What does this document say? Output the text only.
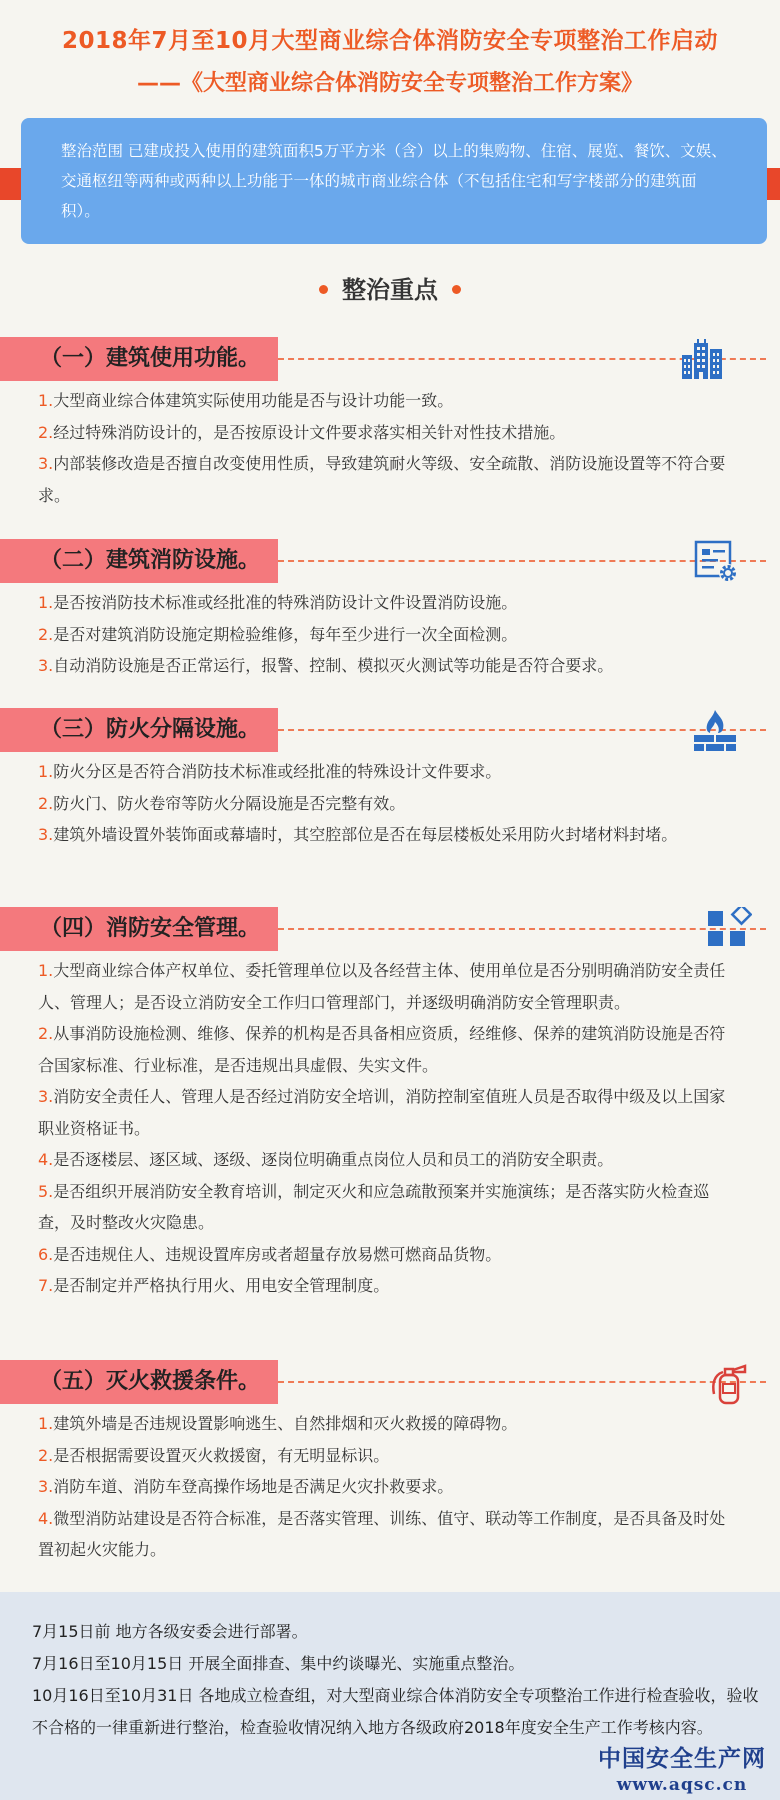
2018年7月至10月大型商业综合体消防安全专项整治工作启动
——《大型商业综合体消防安全专项整治工作方案》
整治范围 已建成投入使用的建筑面积5万平方米（含）以上的集购物、住宿、展览、餐饮、文娱、交通枢纽等两种或两种以上功能于一体的城市商业综合体（不包括住宅和写字楼部分的建筑面积）。
整治重点
（一）建筑使用功能。
1.大型商业综合体建筑实际使用功能是否与设计功能一致。
2.经过特殊消防设计的，是否按原设计文件要求落实相关针对性技术措施。
3.内部装修改造是否擅自改变使用性质，导致建筑耐火等级、安全疏散、消防设施设置等不符合要求。
（二）建筑消防设施。
1.是否按消防技术标准或经批准的特殊消防设计文件设置消防设施。
2.是否对建筑消防设施定期检验维修，每年至少进行一次全面检测。
3.自动消防设施是否正常运行，报警、控制、模拟灭火测试等功能是否符合要求。
（三）防火分隔设施。
1.防火分区是否符合消防技术标准或经批准的特殊设计文件要求。
2.防火门、防火卷帘等防火分隔设施是否完整有效。
3.建筑外墙设置外装饰面或幕墙时，其空腔部位是否在每层楼板处采用防火封堵材料封堵。
（四）消防安全管理。
1.大型商业综合体产权单位、委托管理单位以及各经营主体、使用单位是否分别明确消防安全责任人、管理人；是否设立消防安全工作归口管理部门，并逐级明确消防安全管理职责。
2.从事消防设施检测、维修、保养的机构是否具备相应资质，经维修、保养的建筑消防设施是否符合国家标准、行业标准，是否违规出具虚假、失实文件。
3.消防安全责任人、管理人是否经过消防安全培训，消防控制室值班人员是否取得中级及以上国家职业资格证书。
4.是否逐楼层、逐区域、逐级、逐岗位明确重点岗位人员和员工的消防安全职责。
5.是否组织开展消防安全教育培训，制定灭火和应急疏散预案并实施演练；是否落实防火检查巡查，及时整改火灾隐患。
6.是否违规住人、违规设置库房或者超量存放易燃可燃商品货物。
7.是否制定并严格执行用火、用电安全管理制度。
（五）灭火救援条件。
1.建筑外墙是否违规设置影响逃生、自然排烟和灭火救援的障碍物。
2.是否根据需要设置灭火救援窗，有无明显标识。
3.消防车道、消防车登高操作场地是否满足火灾扑救要求。
4.微型消防站建设是否符合标准，是否落实管理、训练、值守、联动等工作制度，是否具备及时处置初起火灾能力。
7月15日前 地方各级安委会进行部署。
7月16日至10月15日 开展全面排查、集中约谈曝光、实施重点整治。
10月16日至10月31日 各地成立检查组，对大型商业综合体消防安全专项整治工作进行检查验收，验收不合格的一律重新进行整治，检查验收情况纳入地方各级政府2018年度安全生产工作考核内容。
中国安全生产网
www.aqsc.cn
